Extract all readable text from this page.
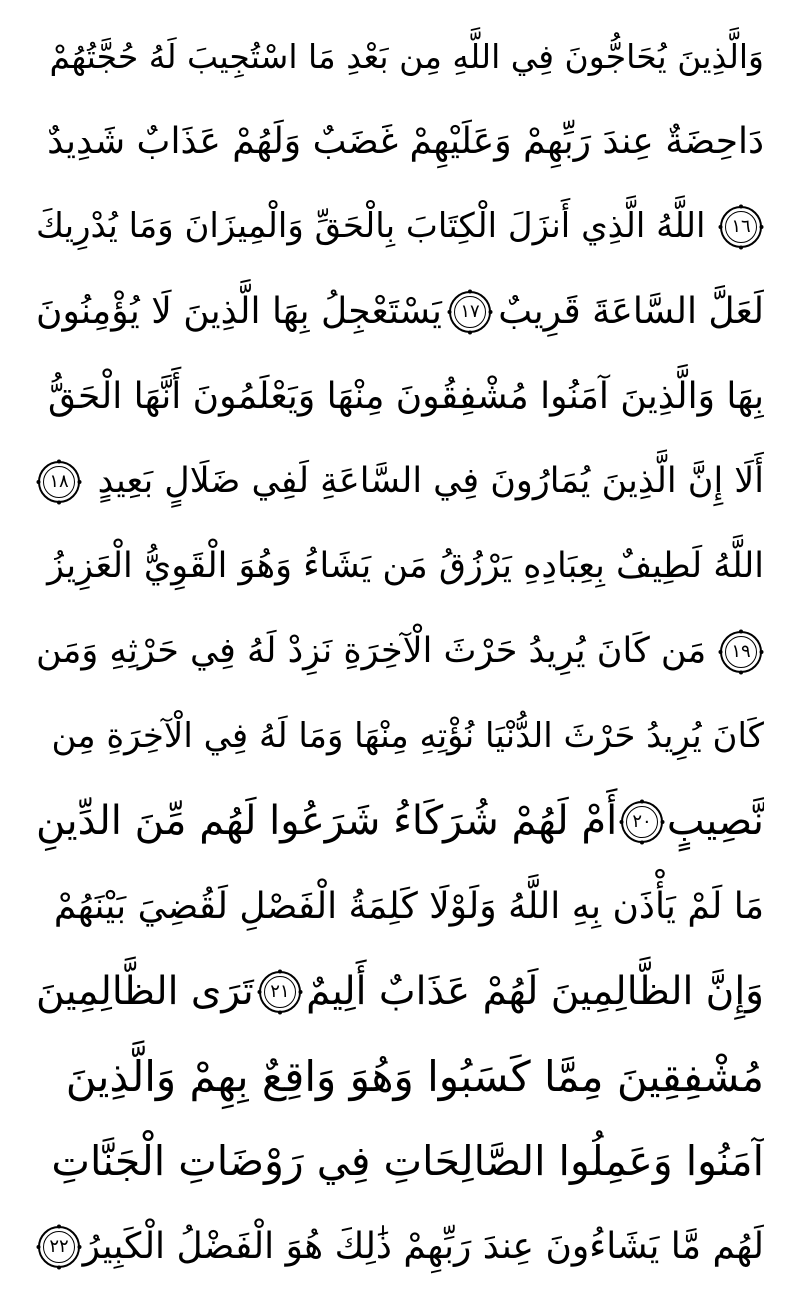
وَالَّذِينَ يُحَاجُّونَ فِي اللَّهِ مِن بَعْدِ مَا اسْتُجِيبَ لَهُ حُجَّتُهُمْ
دَاحِضَةٌ عِندَ رَبِّهِمْ وَعَلَيْهِمْ غَضَبٌ وَلَهُمْ عَذَابٌ شَدِيدٌ
١٦
اللَّهُ الَّذِي أَنزَلَ الْكِتَابَ بِالْحَقِّ وَالْمِيزَانَ وَمَا يُدْرِيكَ
لَعَلَّ السَّاعَةَ قَرِيبٌ
١٧
يَسْتَعْجِلُ بِهَا الَّذِينَ لَا يُؤْمِنُونَ
بِهَا وَالَّذِينَ آمَنُوا مُشْفِقُونَ مِنْهَا وَيَعْلَمُونَ أَنَّهَا الْحَقُّ
أَلَا إِنَّ الَّذِينَ يُمَارُونَ فِي السَّاعَةِ لَفِي ضَلَالٍ بَعِيدٍ
١٨
اللَّهُ لَطِيفٌ بِعِبَادِهِ يَرْزُقُ مَن يَشَاءُ وَهُوَ الْقَوِيُّ الْعَزِيزُ
١٩
مَن كَانَ يُرِيدُ حَرْثَ الْآخِرَةِ نَزِدْ لَهُ فِي حَرْثِهِ وَمَن
كَانَ يُرِيدُ حَرْثَ الدُّنْيَا نُؤْتِهِ مِنْهَا وَمَا لَهُ فِي الْآخِرَةِ مِن
نَّصِيبٍ
٢٠
أَمْ لَهُمْ شُرَكَاءُ شَرَعُوا لَهُم مِّنَ الدِّينِ
مَا لَمْ يَأْذَن بِهِ اللَّهُ وَلَوْلَا كَلِمَةُ الْفَصْلِ لَقُضِيَ بَيْنَهُمْ
وَإِنَّ الظَّالِمِينَ لَهُمْ عَذَابٌ أَلِيمٌ
٢١
تَرَى الظَّالِمِينَ
مُشْفِقِينَ مِمَّا كَسَبُوا وَهُوَ وَاقِعٌ بِهِمْ وَالَّذِينَ
آمَنُوا وَعَمِلُوا الصَّالِحَاتِ فِي رَوْضَاتِ الْجَنَّاتِ
لَهُم مَّا يَشَاءُونَ عِندَ رَبِّهِمْ ذَٰلِكَ هُوَ الْفَضْلُ الْكَبِيرُ
٢٢
